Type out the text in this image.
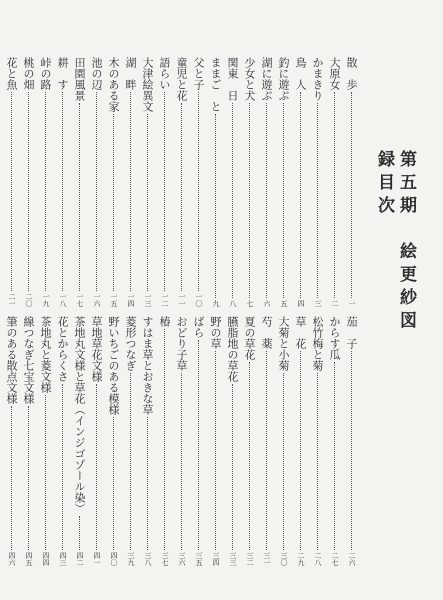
第五期　絵更紗図録目次
散　歩
一
大原女
二
かまきり
三
鳥　人
四
釣に遊ぶ
五
湖に遊ぶ
六
少女と犬
七
関東　日
八
ままご　と
九
父と子
一〇
童児と花
一一
語らい
一二
大津絵異文
一三
湖　畔
一四
木のある家
一五
池の辺
一六
田園風景
一七
耕　す
一八
峠の路
一九
桃の畑
二〇
花と魚
二一
茄　子
二六
からす瓜
二七
松竹梅と菊
二八
草　花
二九
大菊と小菊
三〇
芍　薬
三一
夏の草花
三二
臙脂地の草花
三三
野の草
三四
ばら
三五
おどり子草
三六
椿
三七
すはま草とおきな草
三八
菱形つなぎ
三九
野いちごのある模様
四〇
草地草花文様
四一
茶地丸文様と草花（インジゴゾール染）
四二
花とからくさ
四三
茶地丸と菱文様
四四
線つなぎ七宝文様
四五
筆のある散点文様
四六
